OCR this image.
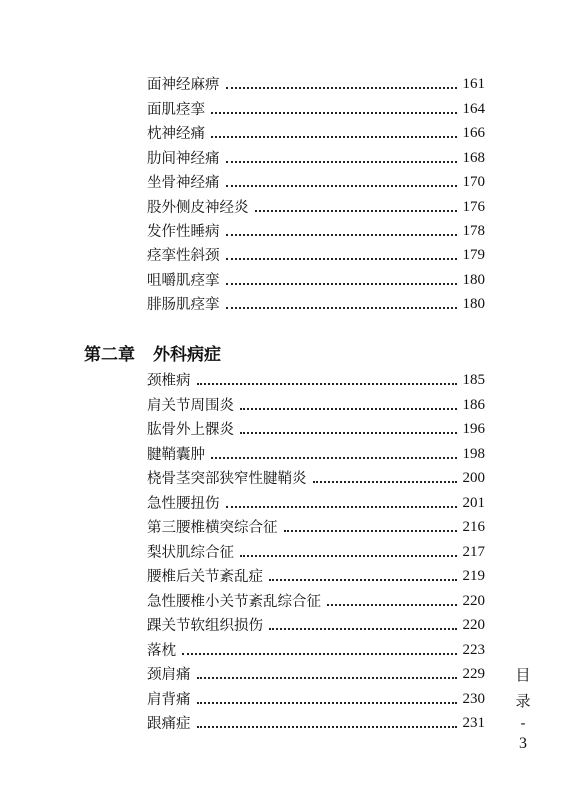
面神经麻痹	161
面肌痉挛	164
枕神经痛	166
肋间神经痛	168
坐骨神经痛	170
股外侧皮神经炎	176
发作性睡病	178
痉挛性斜颈	179
咀嚼肌痉挛	180
腓肠肌痉挛	180
第二章 外科病症
颈椎病	185
肩关节周围炎	186
肱骨外上髁炎	196
腱鞘囊肿	198
桡骨茎突部狭窄性腱鞘炎	200
急性腰扭伤	201
第三腰椎横突综合征	216
梨状肌综合征	217
腰椎后关节紊乱症	219
急性腰椎小关节紊乱综合征	220
踝关节软组织损伤	220
落枕	223
颈肩痛	229
肩背痛	230
跟痛症	231
目
录
-
3
